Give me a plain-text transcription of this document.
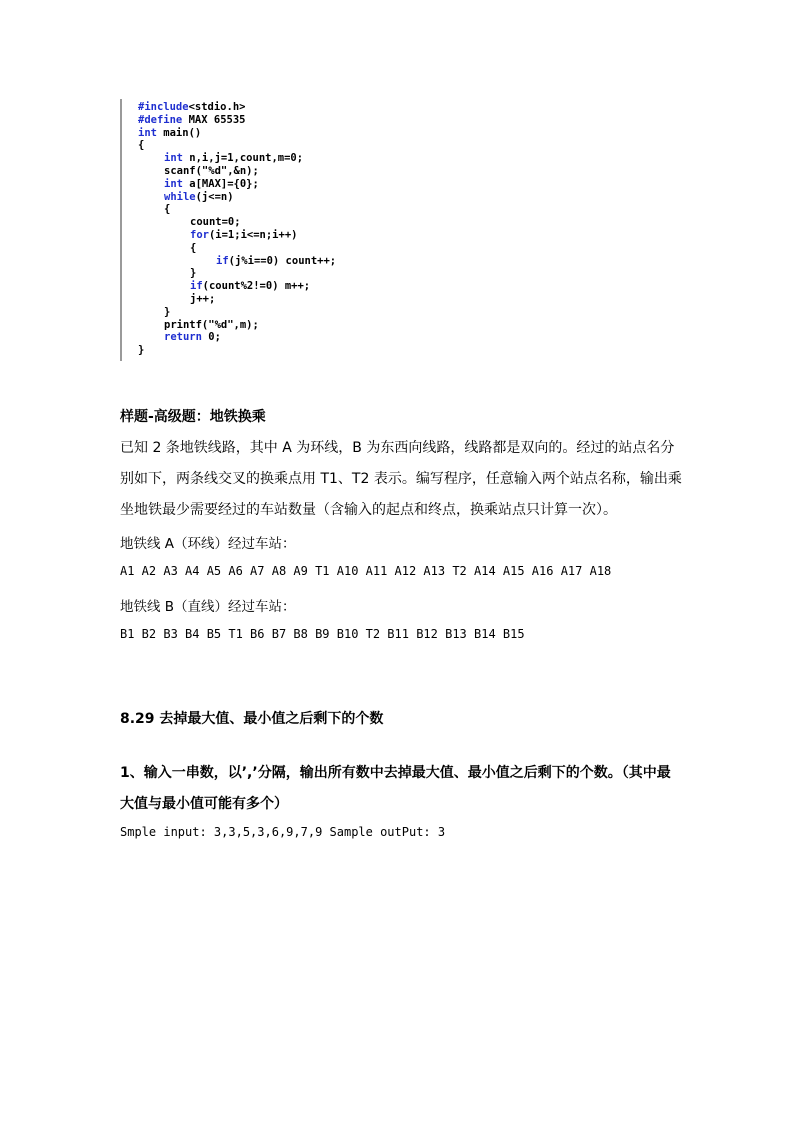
#include<stdio.h>
#define MAX 65535
int main()
{
int n,i,j=1,count,m=0;
scanf("%d",&n);
int a[MAX]={0};
while(j<=n)
{
count=0;
for(i=1;i<=n;i++)
{
if(j%i==0) count++;
}
if(count%2!=0) m++;
j++;
}
printf("%d",m);
return 0;
}
样题-高级题：地铁换乘
已知 2 条地铁线路，其中 A 为环线，B 为东西向线路，线路都是双向的。经过的站点名分
别如下，两条线交叉的换乘点用 T1、T2 表示。编写程序，任意输入两个站点名称，输出乘
坐地铁最少需要经过的车站数量（含输入的起点和终点，换乘站点只计算一次）。
地铁线 A（环线）经过车站：
A1 A2 A3 A4 A5 A6 A7 A8 A9 T1 A10 A11 A12 A13 T2 A14 A15 A16 A17 A18
地铁线 B（直线）经过车站：
B1 B2 B3 B4 B5 T1 B6 B7 B8 B9 B10 T2 B11 B12 B13 B14 B15
8.29 去掉最大值、最小值之后剩下的个数
1、输入一串数，以’,’分隔，输出所有数中去掉最大值、最小值之后剩下的个数。（其中最
大值与最小值可能有多个）
Smple input: 3,3,5,3,6,9,7,9 Sample outPut: 3
